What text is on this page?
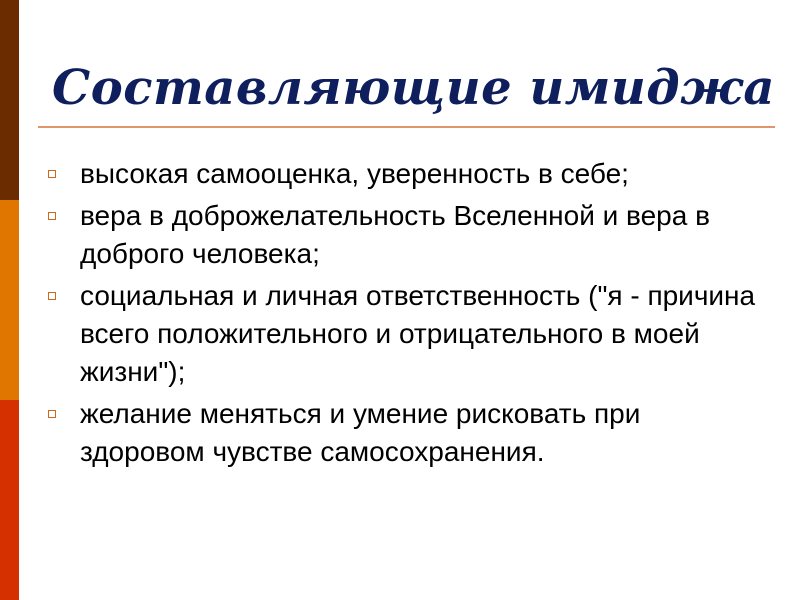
Составляющие имиджа
высокая самооценка, уверенность в себе;
вера в доброжелательность Вселенной и вера в доброго человека;
социальная и личная ответственность ("я - причина всего положительного и отрицательного в моей жизни");
желание меняться и умение рисковать при здоровом чувстве самосохранения.
